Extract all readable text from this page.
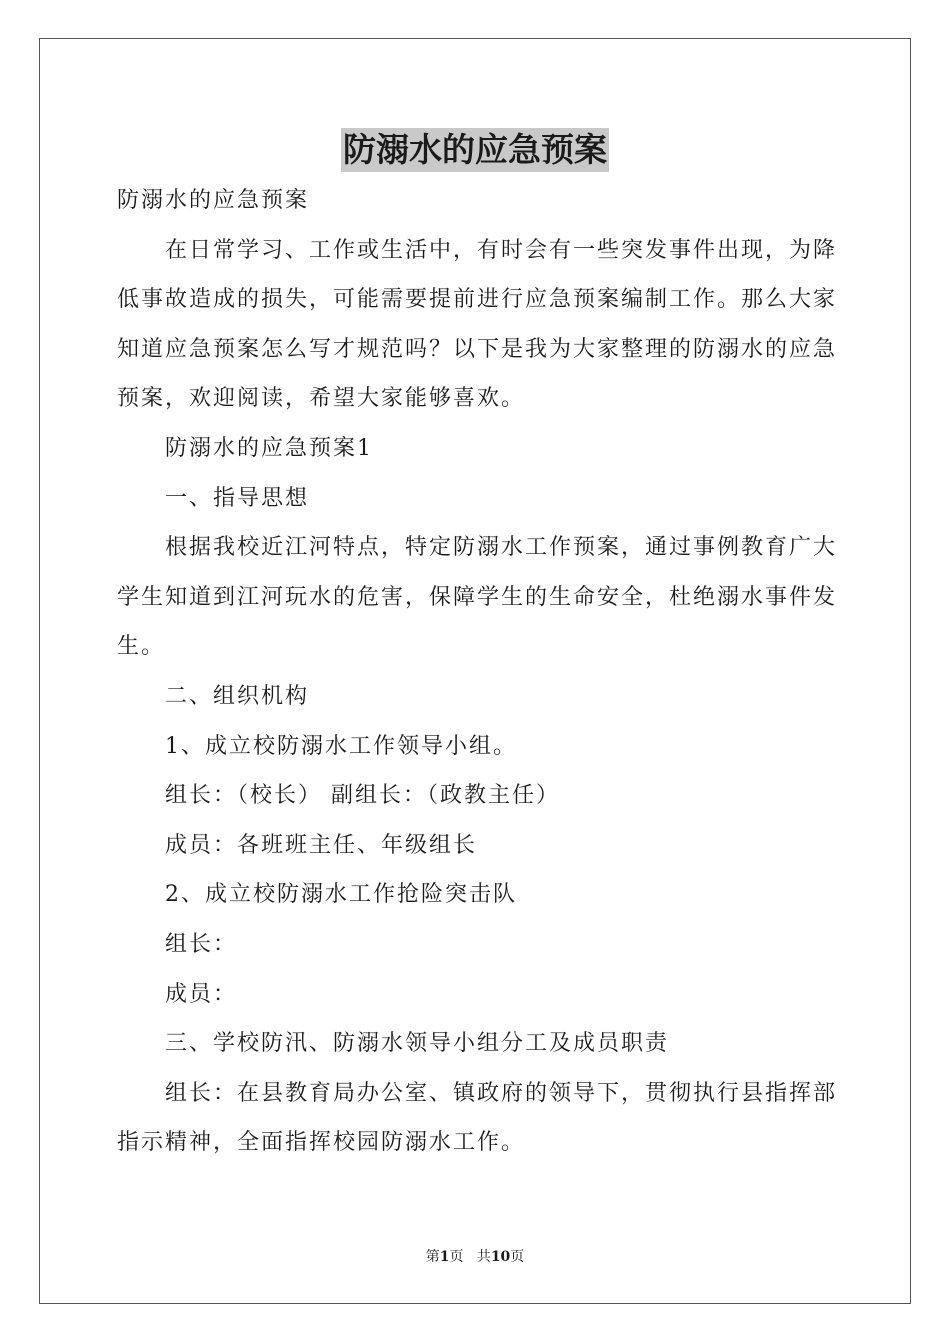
防溺水的应急预案

防溺水的应急预案

在日常学习、工作或生活中，有时会有一些突发事件出现，为降低事故造成的损失，可能需要提前进行应急预案编制工作。那么大家知道应急预案怎么写才规范吗？以下是我为大家整理的防溺水的应急预案，欢迎阅读，希望大家能够喜欢。

防溺水的应急预案1

一、指导思想

根据我校近江河特点，特定防溺水工作预案，通过事例教育广大学生知道到江河玩水的危害，保障学生的生命安全，杜绝溺水事件发生。

二、组织机构

1、成立校防溺水工作领导小组。

组长：（校长） 副组长：（政教主任）

成员：各班班主任、年级组长

2、成立校防溺水工作抢险突击队

组长：

成员：

三、学校防汛、防溺水领导小组分工及成员职责

组长：在县教育局办公室、镇政府的领导下，贯彻执行县指挥部指示精神，全面指挥校园防溺水工作。

第1页 共10页
